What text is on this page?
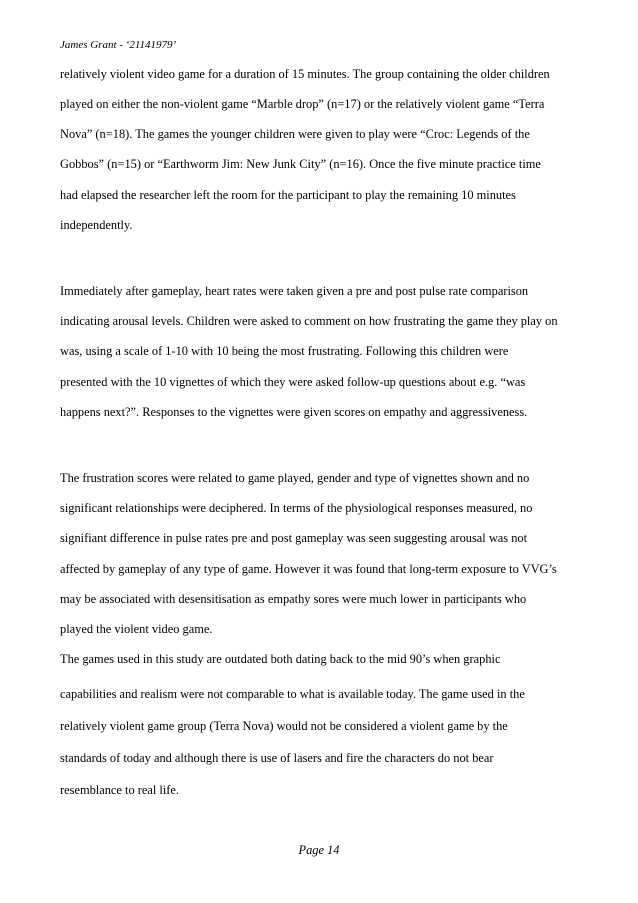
James Grant - ‘21141979’
relatively violent video game for a duration of 15 minutes. The group containing the older children
played on either the non-violent game “Marble drop” (n=17) or the relatively violent game “Terra
Nova” (n=18). The games the younger children were given to play were “Croc: Legends of the
Gobbos” (n=15) or “Earthworm Jim: New Junk City” (n=16). Once the five minute practice time
had elapsed the researcher left the room for the participant to play the remaining 10 minutes
independently.
Immediately after gameplay, heart rates were taken given a pre and post pulse rate comparison
indicating arousal levels. Children were asked to comment on how frustrating the game they play on
was, using a scale of 1-10 with 10 being the most frustrating. Following this children were
presented with the 10 vignettes of which they were asked follow-up questions about e.g. “was
happens next?”. Responses to the vignettes were given scores on empathy and aggressiveness.
The frustration scores were related to game played, gender and type of vignettes shown and no
significant relationships were deciphered. In terms of the physiological responses measured, no
signifiant difference in pulse rates pre and post gameplay was seen suggesting arousal was not
affected by gameplay of any type of game. However it was found that long-term exposure to VVG’s
may be associated with desensitisation as empathy sores were much lower in participants who
played the violent video game.
The games used in this study are outdated both dating back to the mid 90’s when graphic
capabilities and realism were not comparable to what is available today. The game used in the
relatively violent game group (Terra Nova) would not be considered a violent game by the
standards of today and although there is use of lasers and fire the characters do not bear
resemblance to real life.
Page 14
